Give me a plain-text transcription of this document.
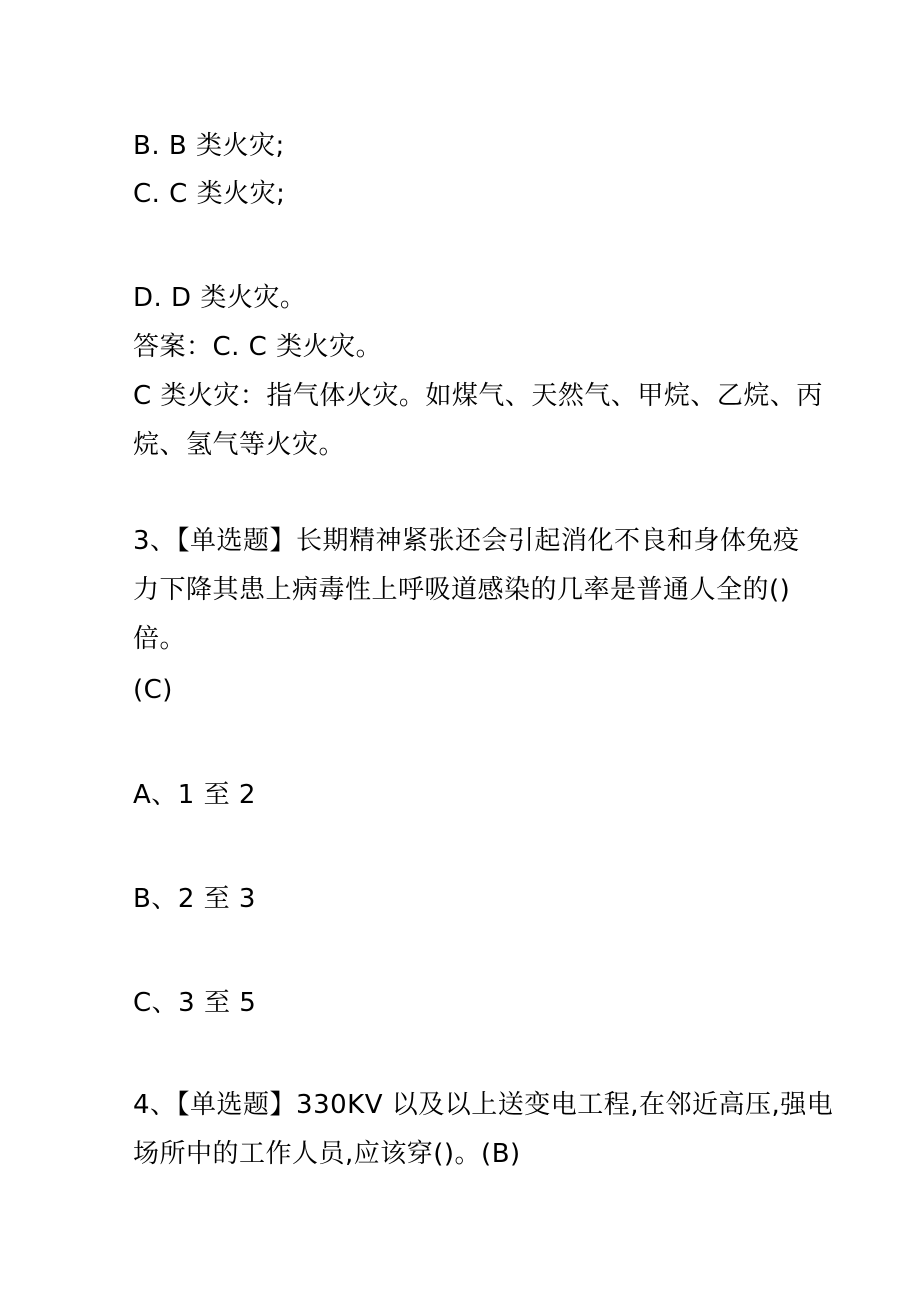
B. B 类火灾;
C. C 类火灾;
D. D 类火灾。
答案：C. C 类火灾。
C 类火灾：指气体火灾。如煤气、天然气、甲烷、乙烷、丙
烷、氢气等火灾。
3、【单选题】长期精神紧张还会引起消化不良和身体免疫
力下降其患上病毒性上呼吸道感染的几率是普通人全的()
倍。
(C)
A、1 至 2
B、2 至 3
C、3 至 5
4、【单选题】330KV 以及以上送变电工程,在邻近高压,强电
场所中的工作人员,应该穿()。(B)
